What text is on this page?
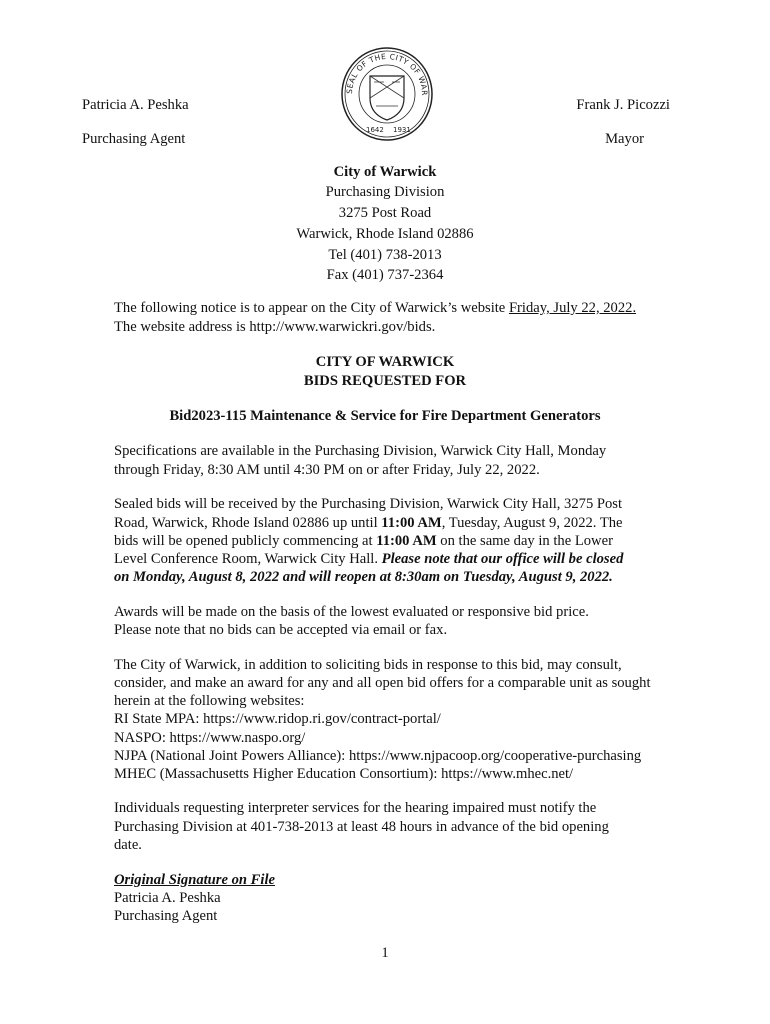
SEAL OF THE CITY OF WAR
1642 1931
Patricia A. Peshka
Purchasing Agent
Frank J. Picozzi
Mayor
City of Warwick
Purchasing Division
3275 Post Road
Warwick, Rhode Island 02886
Tel (401) 738-2013
Fax (401) 737-2364
The following notice is to appear on the City of Warwick’s website Friday, July 22, 2022.
The website address is http://www.warwickri.gov/bids.
CITY OF WARWICK
BIDS REQUESTED FOR
Bid2023-115 Maintenance & Service for Fire Department Generators
Specifications are available in the Purchasing Division, Warwick City Hall, Monday
through Friday, 8:30 AM until 4:30 PM on or after Friday, July 22, 2022.
Sealed bids will be received by the Purchasing Division, Warwick City Hall, 3275 Post
Road, Warwick, Rhode Island 02886 up until 11:00 AM, Tuesday, August 9, 2022. The
bids will be opened publicly commencing at 11:00 AM on the same day in the Lower
Level Conference Room, Warwick City Hall. Please note that our office will be closed
on Monday, August 8, 2022 and will reopen at 8:30am on Tuesday, August 9, 2022.
Awards will be made on the basis of the lowest evaluated or responsive bid price.
Please note that no bids can be accepted via email or fax.
The City of Warwick, in addition to soliciting bids in response to this bid, may consult,
consider, and make an award for any and all open bid offers for a comparable unit as sought
herein at the following websites:
RI State MPA: https://www.ridop.ri.gov/contract-portal/
NASPO: https://www.naspo.org/
NJPA (National Joint Powers Alliance): https://www.njpacoop.org/cooperative-purchasing
MHEC (Massachusetts Higher Education Consortium): https://www.mhec.net/
Individuals requesting interpreter services for the hearing impaired must notify the
Purchasing Division at 401-738-2013 at least 48 hours in advance of the bid opening
date.
Original Signature on File
Patricia A. Peshka
Purchasing Agent
1
